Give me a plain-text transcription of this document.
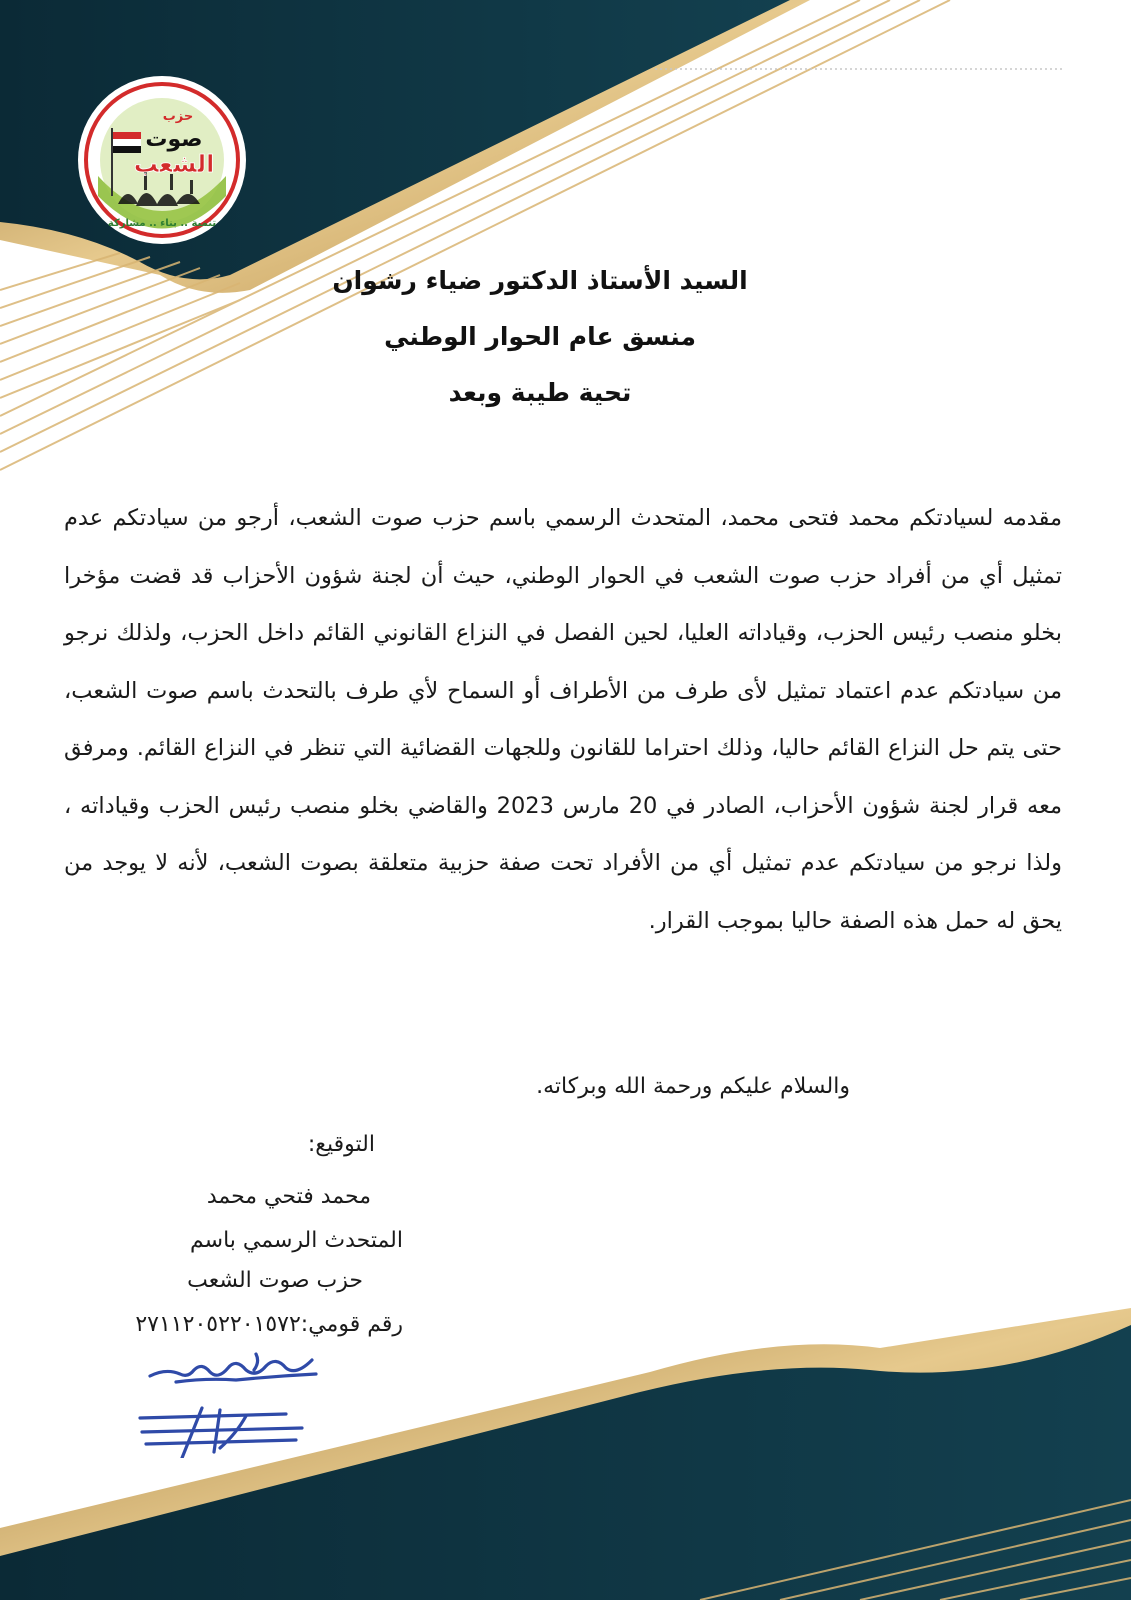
حزب
صوت
الشعب
تنمية .. بناء .. مشاركة
السيد الأستاذ الدكتور ضياء رشوان
منسق عام الحوار الوطني
تحية طيبة وبعد
مقدمه لسيادتكم محمد فتحى محمد، المتحدث الرسمي باسم حزب صوت الشعب، أرجو من سيادتكم عدم تمثيل أي من أفراد حزب صوت الشعب في الحوار الوطني، حيث أن لجنة شؤون الأحزاب قد قضت مؤخرا بخلو منصب رئيس الحزب، وقياداته العليا، لحين الفصل في النزاع القانوني القائم داخل الحزب، ولذلك نرجو من سيادتكم عدم اعتماد تمثيل لأى طرف من الأطراف أو السماح لأي طرف بالتحدث باسم صوت الشعب، حتى يتم حل النزاع القائم حاليا، وذلك احتراما للقانون وللجهات القضائية التي تنظر في النزاع القائم. ومرفق معه قرار لجنة شؤون الأحزاب، الصادر في 20 مارس 2023 والقاضي بخلو منصب رئيس الحزب وقياداته ، ولذا نرجو من سيادتكم عدم تمثيل أي من الأفراد تحت صفة حزبية متعلقة بصوت الشعب، لأنه لا يوجد من يحق له حمل هذه الصفة حاليا بموجب القرار.
والسلام عليكم ورحمة الله وبركاته.
التوقيع:
محمد فتحي محمد
المتحدث الرسمي باسم
حزب صوت الشعب
رقم قومي:٢٧١١٢٠٥٢٢٠١٥٧٢
